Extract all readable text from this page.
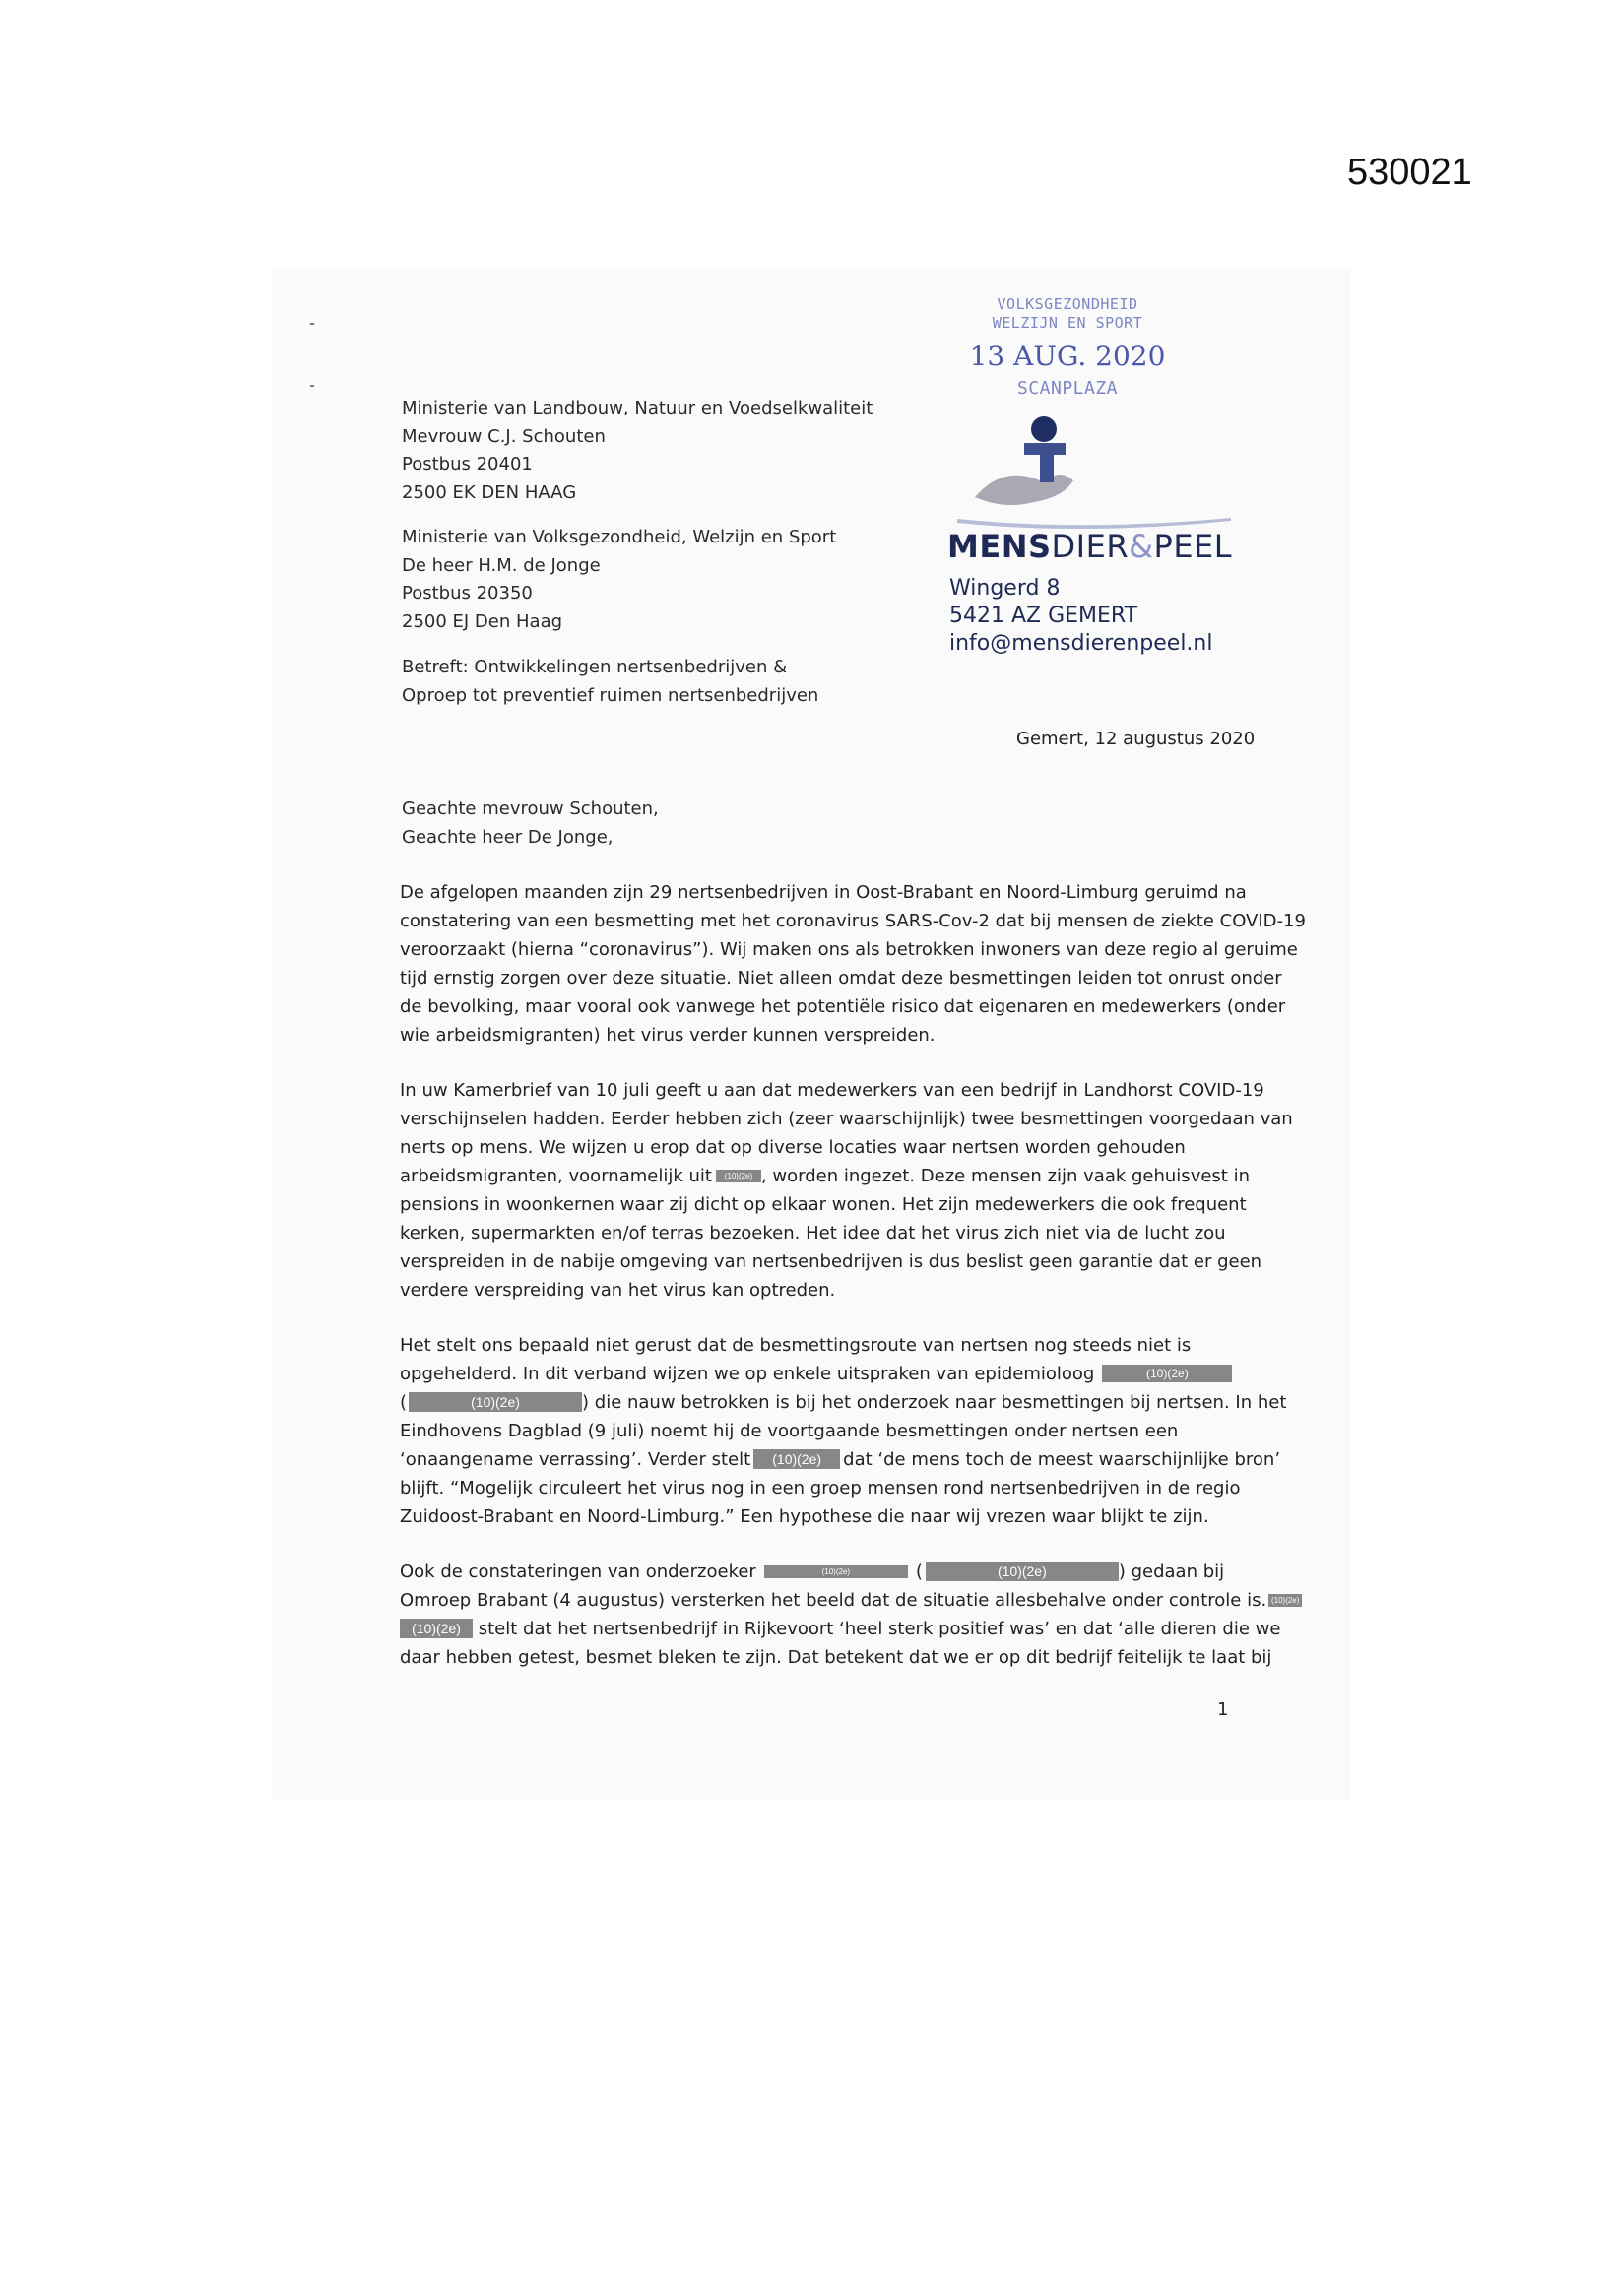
530021
VOLKSGEZONDHEID
WELZIJN EN SPORT
13 AUG. 2020
SCANPLAZA
MENSDIER&PEEL
Wingerd 8
5421 AZ GEMERT
info@mensdierenpeel.nl
Ministerie van Landbouw, Natuur en Voedselkwaliteit
Mevrouw C.J. Schouten
Postbus 20401
2500 EK DEN HAAG
Ministerie van Volksgezondheid, Welzijn en Sport
De heer H.M. de Jonge
Postbus 20350
2500 EJ Den Haag
Betreft: Ontwikkelingen nertsenbedrijven &
Oproep tot preventief ruimen nertsenbedrijven
Gemert, 12 augustus 2020
Geachte mevrouw Schouten,
Geachte heer De Jonge,
De afgelopen maanden zijn 29 nertsenbedrijven in Oost-Brabant en Noord-Limburg geruimd na
constatering van een besmetting met het coronavirus SARS-Cov-2 dat bij mensen de ziekte COVID-19
veroorzaakt (hierna “coronavirus”). Wij maken ons als betrokken inwoners van deze regio al geruime
tijd ernstig zorgen over deze situatie. Niet alleen omdat deze besmettingen leiden tot onrust onder
de bevolking, maar vooral ook vanwege het potentiële risico dat eigenaren en medewerkers (onder
wie arbeidsmigranten) het virus verder kunnen verspreiden.
In uw Kamerbrief van 10 juli geeft u aan dat medewerkers van een bedrijf in Landhorst COVID-19
verschijnselen hadden. Eerder hebben zich (zeer waarschijnlijk) twee besmettingen voorgedaan van
nerts op mens. We wijzen u erop dat op diverse locaties waar nertsen worden gehouden
arbeidsmigranten, voornamelijk uit (10)(2e) , worden ingezet. Deze mensen zijn vaak gehuisvest in
pensions in woonkernen waar zij dicht op elkaar wonen. Het zijn medewerkers die ook frequent
kerken, supermarkten en/of terras bezoeken. Het idee dat het virus zich niet via de lucht zou
verspreiden in de nabije omgeving van nertsenbedrijven is dus beslist geen garantie dat er geen
verdere verspreiding van het virus kan optreden.
Het stelt ons bepaald niet gerust dat de besmettingsroute van nertsen nog steeds niet is
opgehelderd. In dit verband wijzen we op enkele uitspraken van epidemioloog	(10)(2e)
(	(10)(2e)	) die nauw betrokken is bij het onderzoek naar besmettingen bij nertsen. In het
Eindhovens Dagblad (9 juli) noemt hij de voortgaande besmettingen onder nertsen een
‘onaangename verrassing’. Verder stelt (10)(2e) dat ‘de mens toch de meest waarschijnlijke bron’
blijft. “Mogelijk circuleert het virus nog in een groep mensen rond nertsenbedrijven in de regio
Zuidoost-Brabant en Noord-Limburg.” Een hypothese die naar wij vrezen waar blijkt te zijn.
Ook de constateringen van onderzoeker	(10)(2e)	(	(10)(2e)	) gedaan bij
Omroep Brabant (4 augustus) versterken het beeld dat de situatie allesbehalve onder controle is. (10)(2e)
(10)(2e) stelt dat het nertsenbedrijf in Rijkevoort ‘heel sterk positief was’ en dat ‘alle dieren die we
daar hebben getest, besmet bleken te zijn. Dat betekent dat we er op dit bedrijf feitelijk te laat bij
1
